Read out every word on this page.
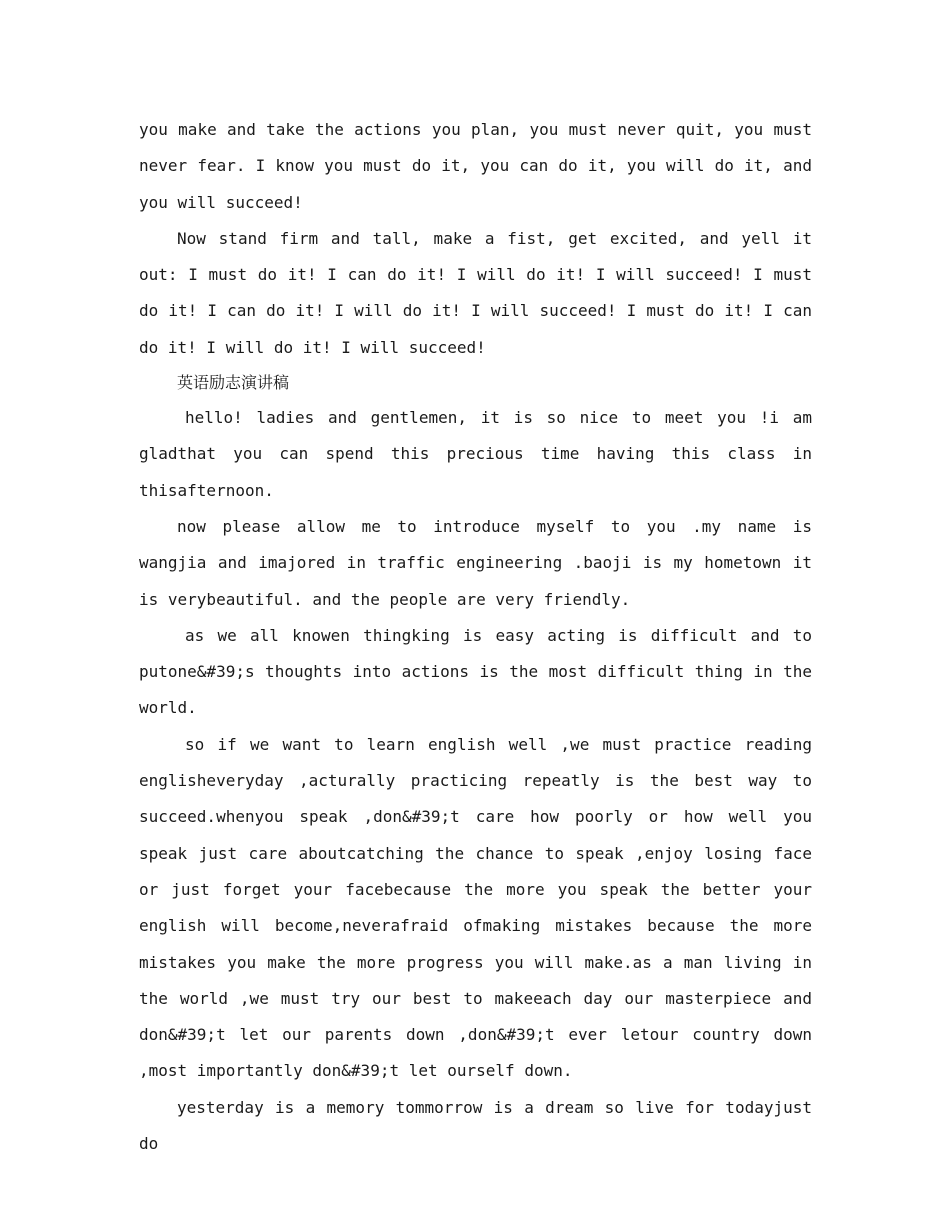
you make and take the actions you plan, you must never quit, you must never fear. I know you must do it, you can do it, you will do it, and you will succeed!

Now stand firm and tall, make a fist, get excited, and yell it out: I must do it! I can do it! I will do it! I will succeed! I must do it! I can do it! I will do it! I will succeed! I must do it! I can do it! I will do it! I will succeed!

英语励志演讲稿

hello! ladies and gentlemen, it is so nice to meet you !i am gladthat you can spend this precious time having this class in thisafternoon.

now please allow me to introduce myself to you .my name is wangjia and imajored in traffic engineering .baoji is my hometown it is verybeautiful. and the people are very friendly.

as we all knowen thingking is easy acting is difficult and to putone&#39;s thoughts into actions is the most difficult thing in the world.

so if we want to learn english well ,we must practice reading englisheveryday ,acturally practicing repeatly is the best way to succeed.whenyou speak ,don&#39;t care how poorly or how well you speak just care aboutcatching the chance to speak ,enjoy losing face or just forget your facebecause the more you speak the better your english will become,neverafraid ofmaking mistakes because the more mistakes you make the more progress you will make.as a man living in the world ,we must try our best to makeeach day our masterpiece and don&#39;t let our parents down ,don&#39;t ever letour country down ,most importantly don&#39;t let ourself down.

yesterday is a memory tommorrow is a dream so live for todayjust do
